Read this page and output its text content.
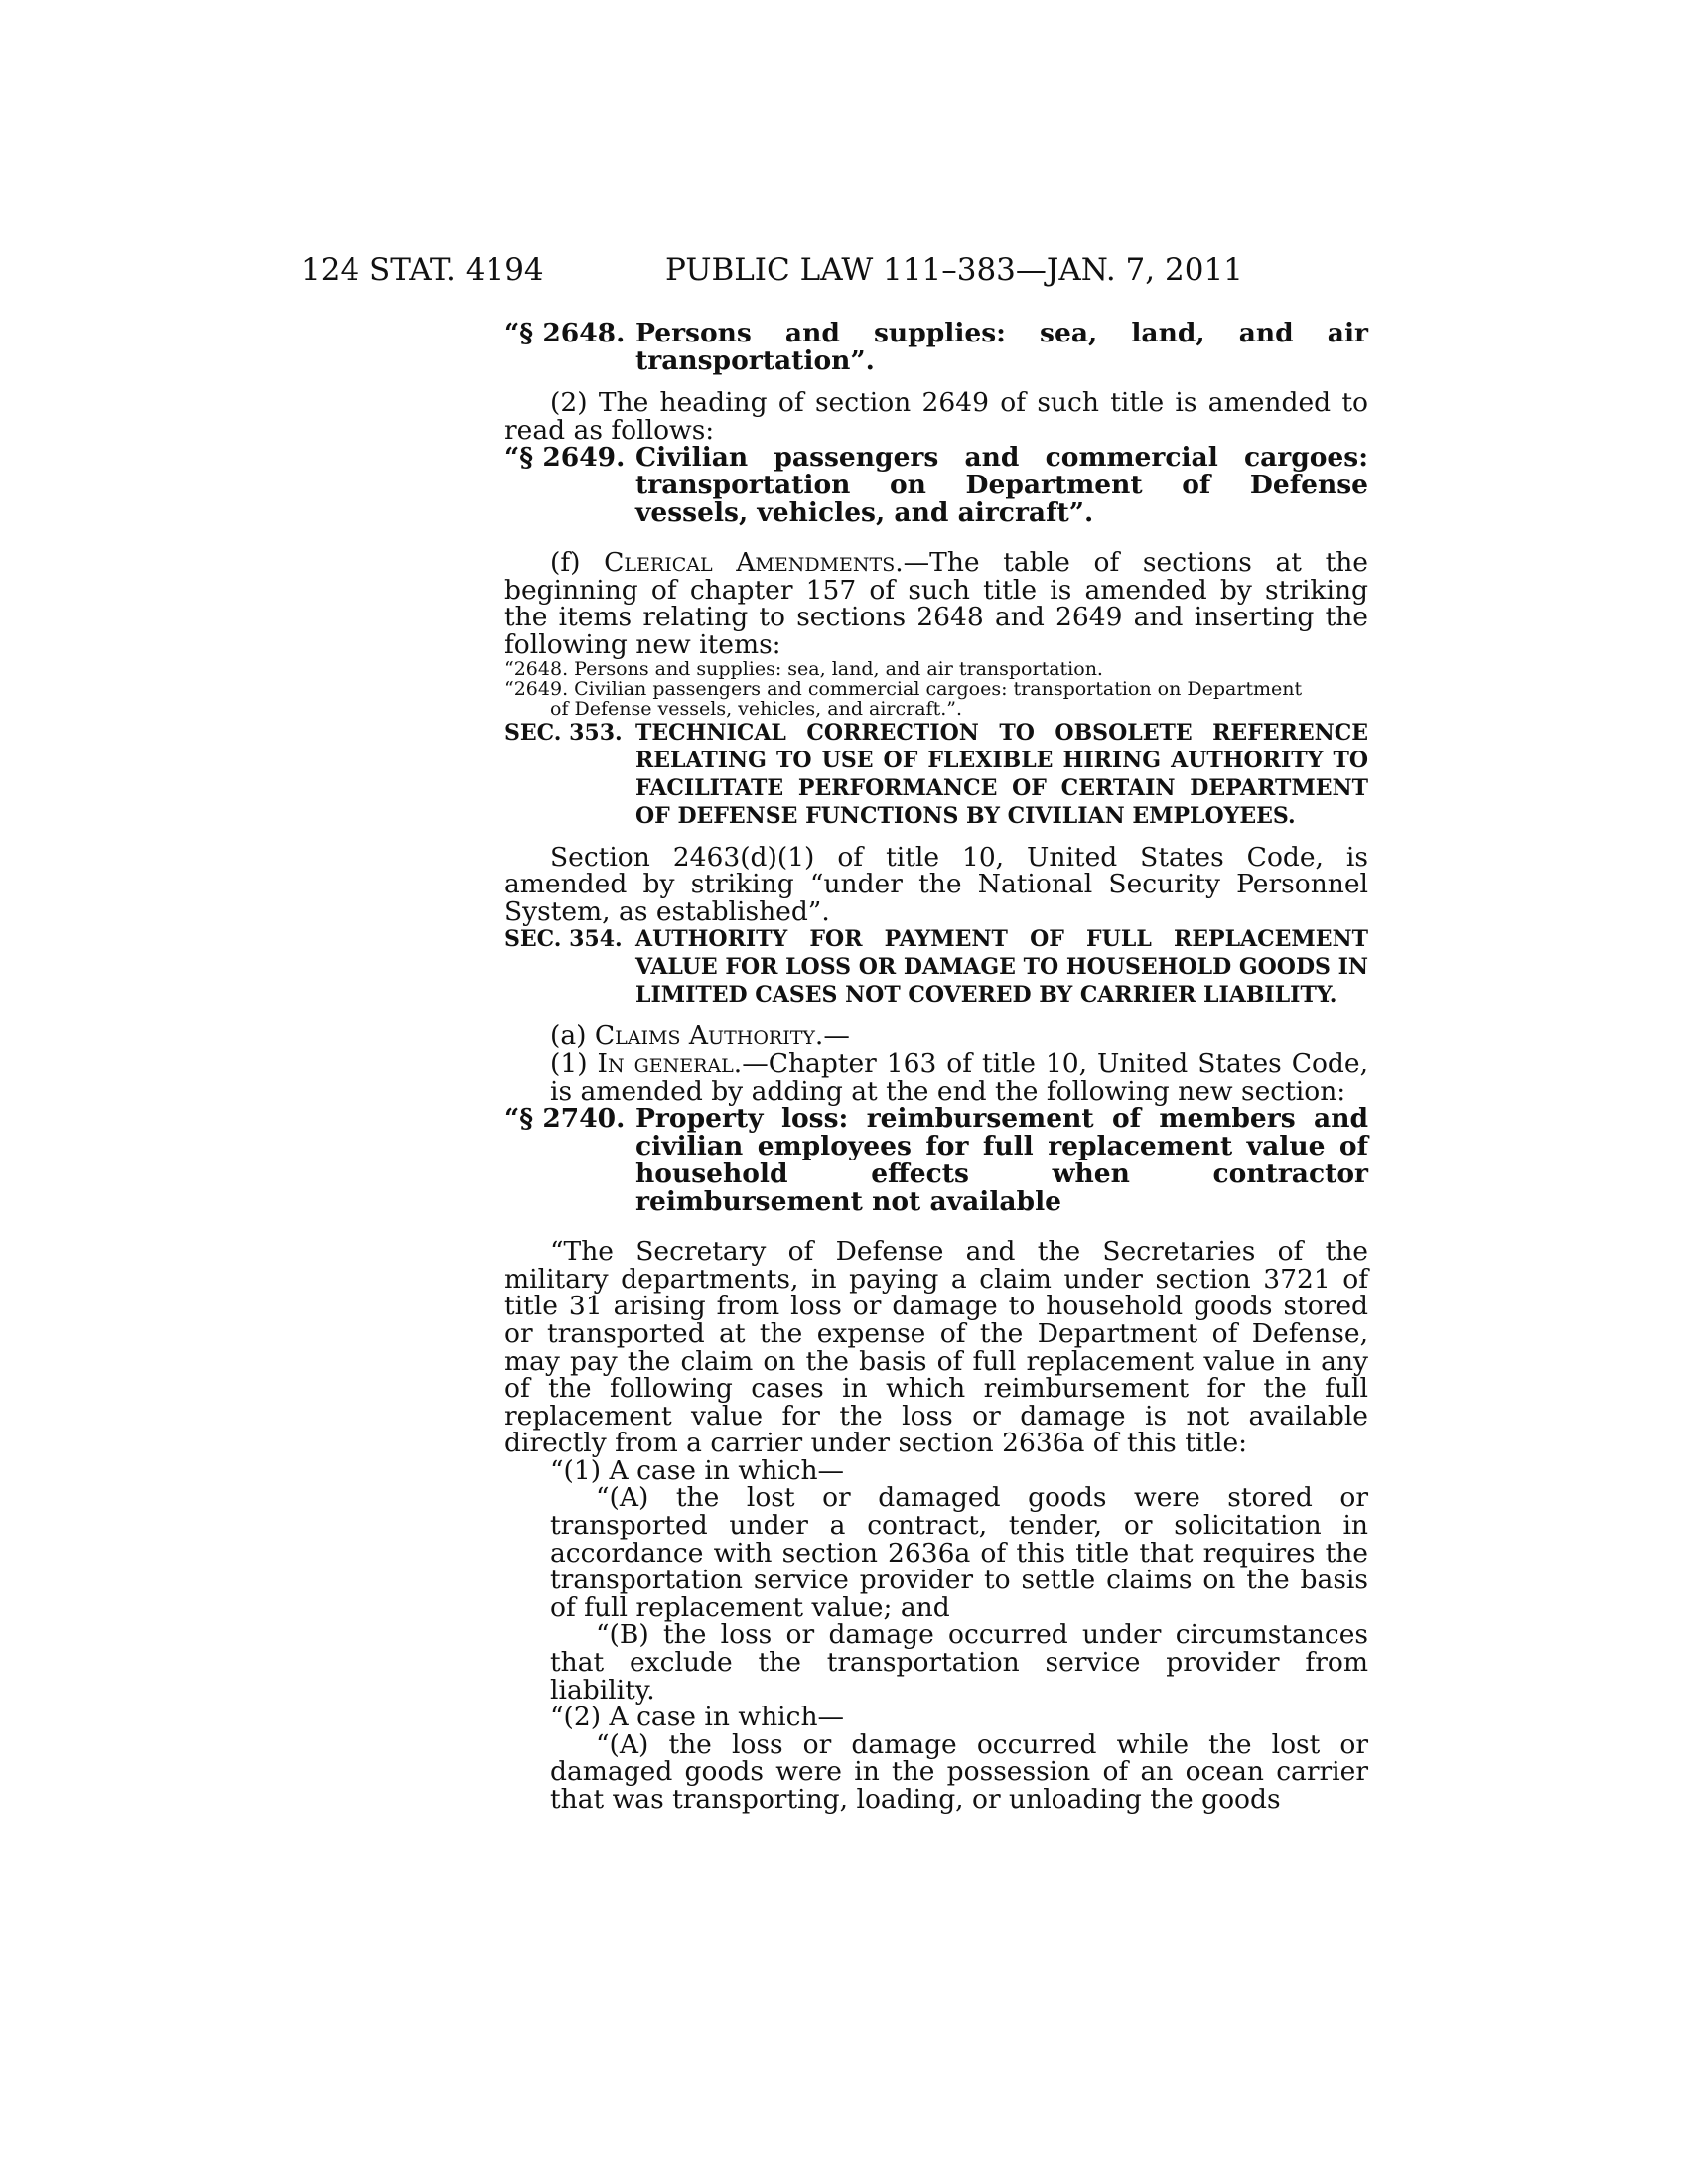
124 STAT. 4194	PUBLIC LAW 111–383—JAN. 7, 2011
“§ 2648. Persons and supplies: sea, land, and air transportation”.

(2) The heading of section 2649 of such title is amended to read as follows:

“§ 2649. Civilian passengers and commercial cargoes: transportation on Department of Defense vessels, vehicles, and aircraft”.

(f) Clerical Amendments.—The table of sections at the beginning of chapter 157 of such title is amended by striking the items relating to sections 2648 and 2649 and inserting the following new items:

“2648. Persons and supplies: sea, land, and air transportation.
“2649. Civilian passengers and commercial cargoes: transportation on Department
of Defense vessels, vehicles, and aircraft.”.
SEC. 353. TECHNICAL CORRECTION TO OBSOLETE REFERENCE RELATING TO USE OF FLEXIBLE HIRING AUTHORITY TO FACILITATE PERFORMANCE OF CERTAIN DEPARTMENT OF DEFENSE FUNCTIONS BY CIVILIAN EMPLOYEES.

Section 2463(d)(1) of title 10, United States Code, is amended by striking “under the National Security Personnel System, as established”.

SEC. 354. AUTHORITY FOR PAYMENT OF FULL REPLACEMENT VALUE FOR LOSS OR DAMAGE TO HOUSEHOLD GOODS IN LIMITED CASES NOT COVERED BY CARRIER LIABILITY.

(a) Claims Authority.—

(1) In general.—Chapter 163 of title 10, United States Code, is amended by adding at the end the following new section:

“§ 2740. Property loss: reimbursement of members and civilian employees for full replacement value of household effects when contractor reimbursement not available

“The Secretary of Defense and the Secretaries of the military departments, in paying a claim under section 3721 of title 31 arising from loss or damage to household goods stored or transported at the expense of the Department of Defense, may pay the claim on the basis of full replacement value in any of the following cases in which reimbursement for the full replacement value for the loss or damage is not available directly from a carrier under section 2636a of this title:

“(1) A case in which—

“(A) the lost or damaged goods were stored or transported under a contract, tender, or solicitation in accordance with section 2636a of this title that requires the transportation service provider to settle claims on the basis of full replacement value; and

“(B) the loss or damage occurred under circumstances that exclude the transportation service provider from liability.

“(2) A case in which—

“(A) the loss or damage occurred while the lost or damaged goods were in the possession of an ocean carrier that was transporting, loading, or unloading the goods
